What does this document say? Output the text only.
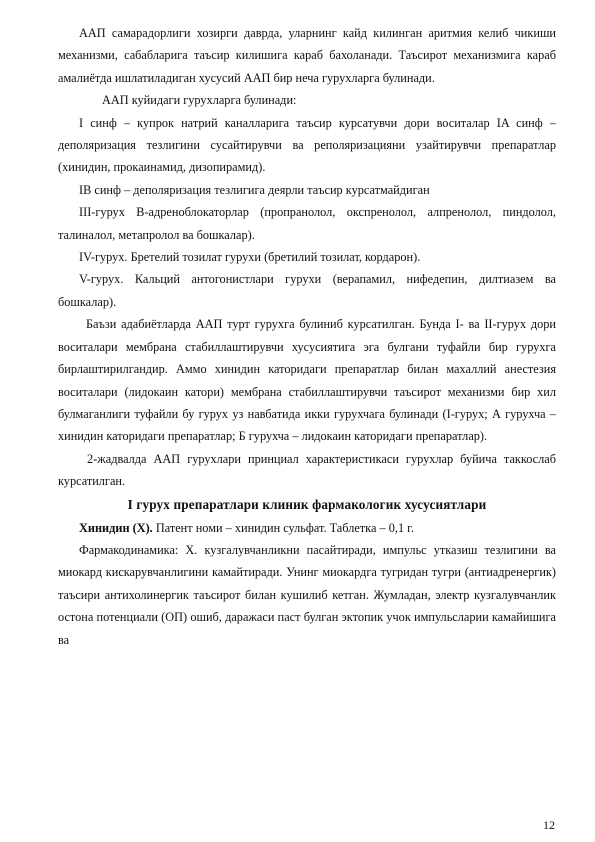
ААП самарадорлиги хозирги даврда, уларнинг кайд килинган аритмия келиб чикиши механизми, сабабларига таъсир килишига караб бахоланади. Таъсирот механизмига караб амалиётда ишлатиладиган хусусий ААП бир неча гурухларга булинади.

ААП куйидаги гурухларга булинади:

I синф – купрок натрий каналларига таъсир курсатувчи дори воситалар IA синф – деполяризация тезлигини сусайтирувчи ва реполяризацияни узайтирувчи препаратлар (хинидин, прокаинамид, дизопирамид).

IB синф – деполяризация тезлигига деярли таъсир курсатмайдиган

III-гурух В-адреноблокаторлар (пропранолол, окспренолол, алпренолол, пиндолол, талиналол, метапролол ва бошкалар).

IV-гурух. Бретелий тозилат гурухи (бретилий тозилат, кордарон).

V-гурух. Кальций антогонистлари гурухи (верапамил, нифедепин, дилтиазем ва бошкалар).

Баъзи адабиётларда ААП турт гурухга булиниб курсатилган. Бунда I- ва II-гурух дори воситалари мембрана стабиллаштирувчи хусусиятига эга булгани туфайли бир гурухга бирлаштирилгандир. Аммо хинидин каторидаги препаратлар билан махаллий анестезия воситалари (лидокаин катори) мембрана стабиллаштирувчи таъсирот механизми бир хил булмаганлиги туфайли бу гурух уз навбатида икки гурухчага булинади (I-гурух; А гурухча – хинидин каторидаги препаратлар; Б гурухча – лидокаин каторидаги препаратлар).

2-жадвалда ААП гурухлари принциал характеристикаси гурухлар буйича таккослаб курсатилган.

I гурух препаратлари клиник фармакологик хусусиятлари

Хинидин (Х). Патент номи – хинидин сульфат. Таблетка – 0,1 г.

Фармакодинамика: Х. кузгалувчанликни пасайтиради, импульс утказиш тезлигини ва миокард кискарувчанлигини камайтиради. Унинг миокардга тугридан тугри (антиадренергик) таъсири антихолинергик таъсирот билан кушилиб кетган. Жумладан, электр кузгалувчанлик остона потенциали (ОП) ошиб, даражаси паст булган эктопик учок импульсларии камайишига ва

12
